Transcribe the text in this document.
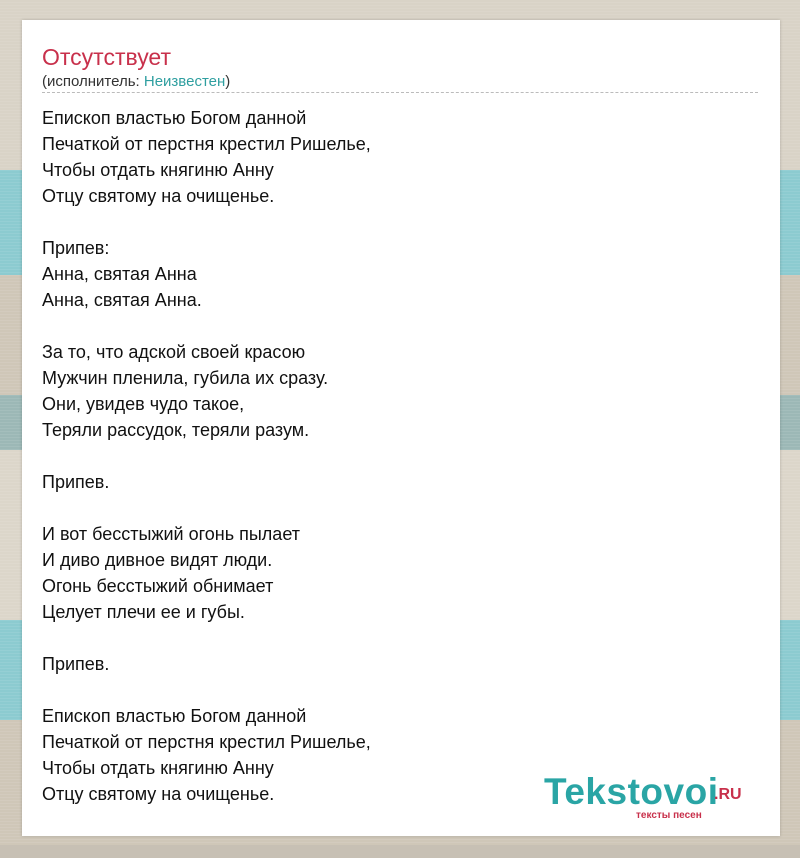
Отсутствует
(исполнитель: Неизвестен)
Епископ властью Богом данной
Печаткой от перстня крестил Ришелье,
Чтобы отдать княгиню Анну
Отцу святому на очищенье.

Припев:
Анна, святая Анна
Анна, святая Анна.

За то, что адской своей красою
Мужчин пленила, губила их сразу.
Они, увидев чудо такое,
Теряли рассудок, теряли разум.

Припев.

И вот бесстыжий огонь пылает
И диво дивное видят люди.
Огонь бесстыжий обнимает
Целует плечи ее и губы.

Припев.

Епископ властью Богом данной
Печаткой от перстня крестил Ришелье,
Чтобы отдать княгиню Анну
Отцу святому на очищенье.	Tekstovoi
.RU
тексты песен
